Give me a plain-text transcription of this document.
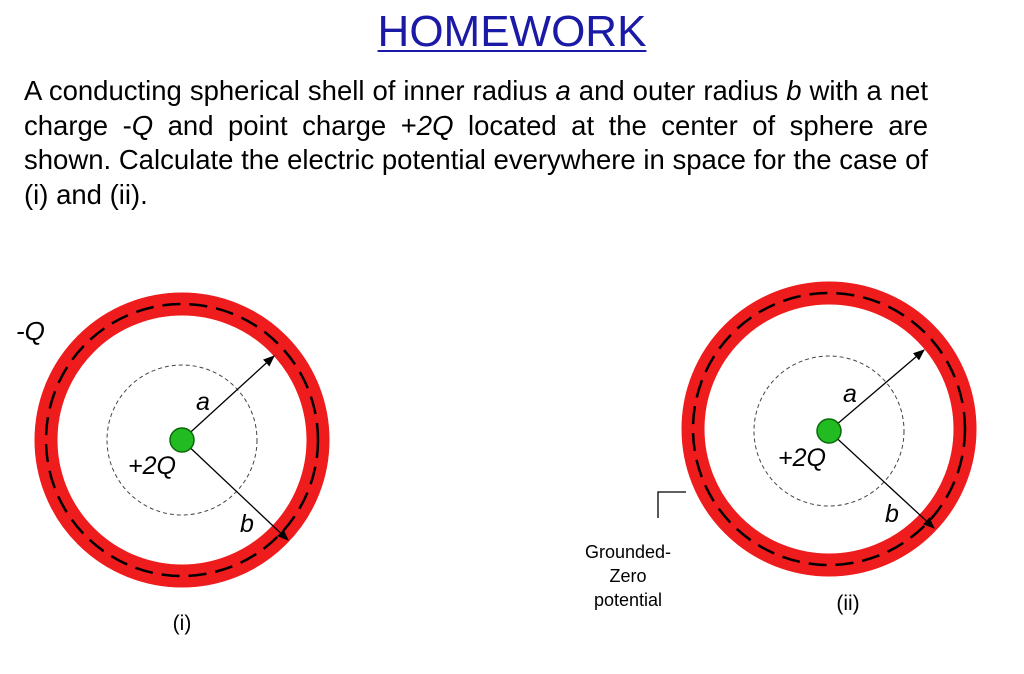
HOMEWORK

A conducting spherical shell of inner radius a and outer radius b with a net charge -Q and point charge +2Q located at the center of sphere are shown. Calculate the electric potential everywhere in space for the case of (i) and (ii).

-Q
+2Q
a
b
(i)
+2Q
a
b
Grounded-
Zero
potential	(ii)
